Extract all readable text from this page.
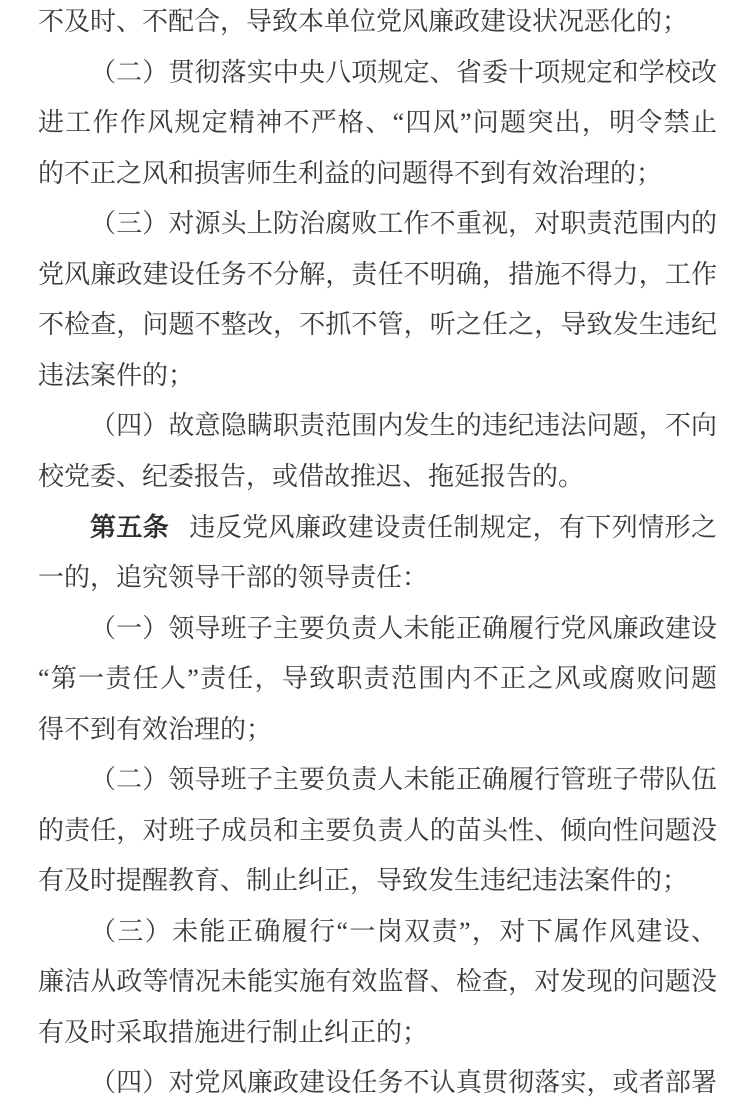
不及时、不配合，导致本单位党风廉政建设状况恶化的；
（二）贯彻落实中央八项规定、省委十项规定和学校改
进工作作风规定精神不严格、“四风”问题突出，明令禁止
的不正之风和损害师生利益的问题得不到有效治理的；
（三）对源头上防治腐败工作不重视，对职责范围内的
党风廉政建设任务不分解，责任不明确，措施不得力，工作
不检查，问题不整改，不抓不管，听之任之，导致发生违纪
违法案件的；
（四）故意隐瞒职责范围内发生的违纪违法问题，不向
校党委、纪委报告，或借故推迟、拖延报告的。
第五条 违反党风廉政建设责任制规定，有下列情形之
一的，追究领导干部的领导责任：
（一）领导班子主要负责人未能正确履行党风廉政建设
“第一责任人”责任，导致职责范围内不正之风或腐败问题
得不到有效治理的；
（二）领导班子主要负责人未能正确履行管班子带队伍
的责任，对班子成员和主要负责人的苗头性、倾向性问题没
有及时提醒教育、制止纠正，导致发生违纪违法案件的；
（三）未能正确履行“一岗双责”，对下属作风建设、
廉洁从政等情况未能实施有效监督、检查，对发现的问题没
有及时采取措施进行制止纠正的；
（四）对党风廉政建设任务不认真贯彻落实，或者部署
